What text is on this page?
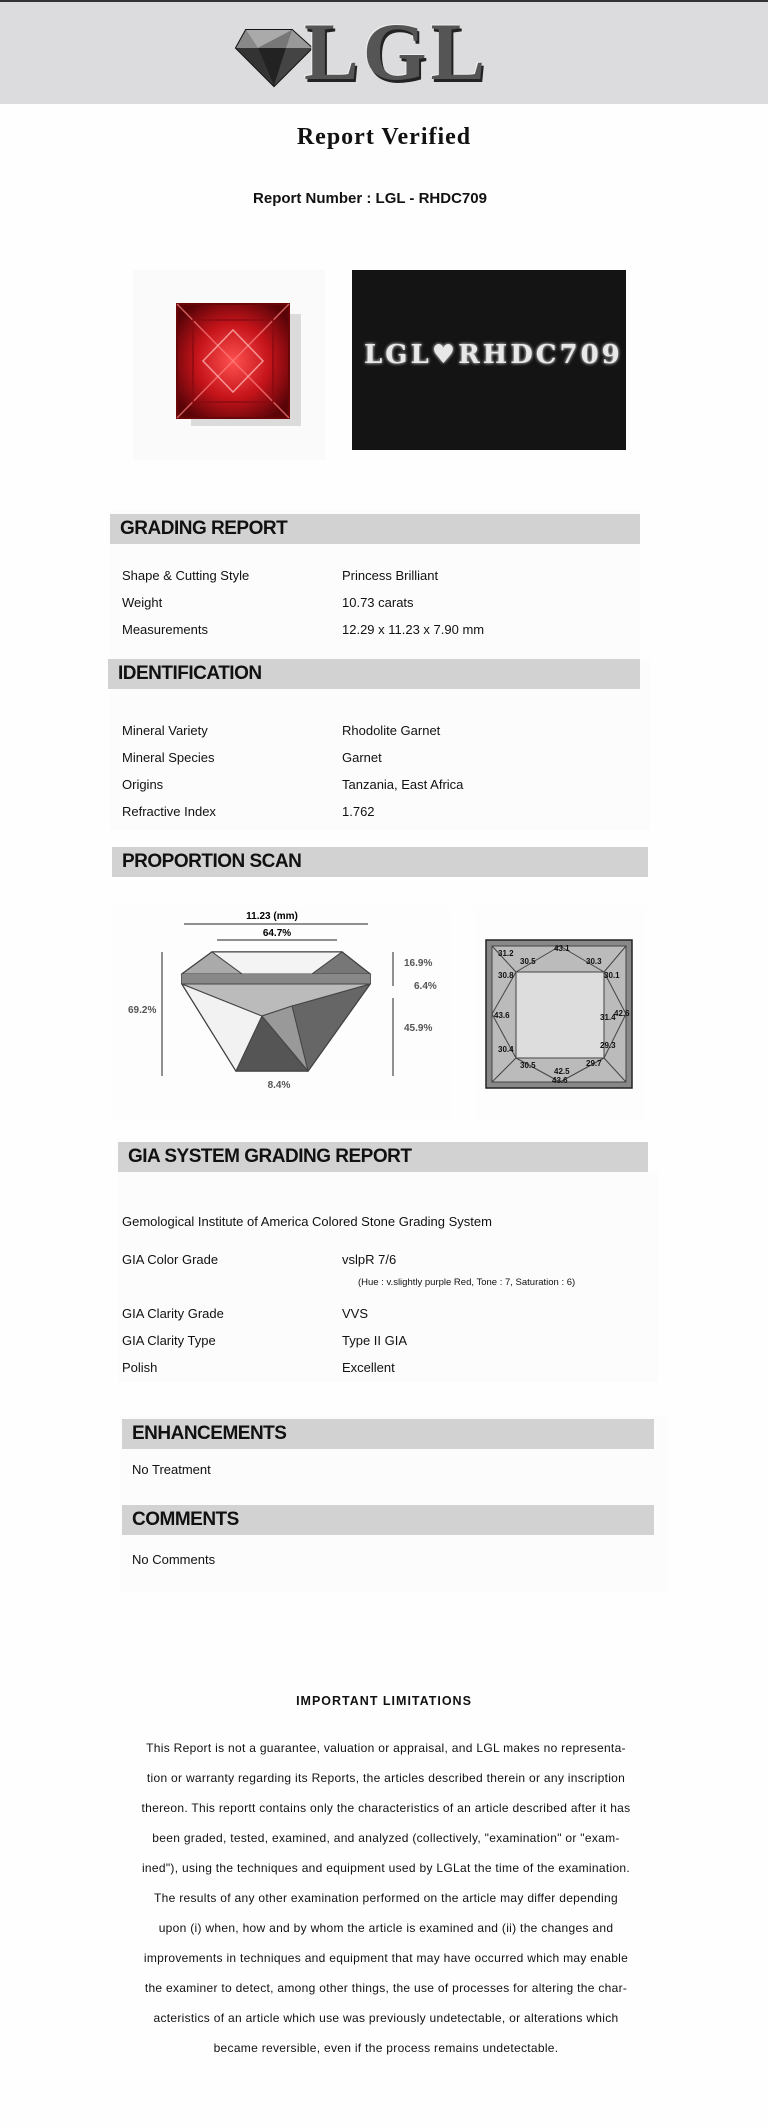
LGL
Report Verified
Report Number : LGL - RHDC709
LGL♥RHDC709
GRADING REPORT
Shape & Cutting Style	Princess Brilliant
Weight	10.73 carats
Measurements	12.29 x 11.23 x 7.90 mm
IDENTIFICATION
Mineral Variety	Rhodolite Garnet
Mineral Species	Garnet
Origins	Tanzania, East Africa
Refractive Index	1.762
PROPORTION SCAN
11.23 (mm)
64.7%
69.2%
16.9%
6.4%
45.9%
8.4%
31.2
43.1
30.5	30.3
30.8	30.1
43.6	31.4
42.6
30.4	29.3
30.5	29.7
42.5
43.6
GIA SYSTEM GRADING REPORT
Gemological Institute of America Colored Stone Grading System
GIA Color Grade	vslpR 7/6
(Hue : v.slightly purple Red, Tone : 7, Saturation : 6)
GIA Clarity Grade	VVS
GIA Clarity Type	Type II GIA
Polish	Excellent
ENHANCEMENTS
No Treatment
COMMENTS
No Comments
IMPORTANT LIMITATIONS

This Report is not a guarantee, valuation or appraisal, and LGL makes no representa-

tion or warranty regarding its Reports, the articles described therein or any inscription

thereon. This reportt contains only the characteristics of an article described after it has

been graded, tested, examined, and analyzed (collectively, "examination" or "exam-

ined"), using the techniques and equipment used by LGLat the time of the examination.

The results of any other examination performed on the article may differ depending

upon (i) when, how and by whom the article is examined and (ii) the changes and

improvements in techniques and equipment that may have occurred which may enable

the examiner to detect, among other things, the use of processes for altering the char-

acteristics of an article which use was previously undetectable, or alterations which

became reversible, even if the process remains undetectable.
